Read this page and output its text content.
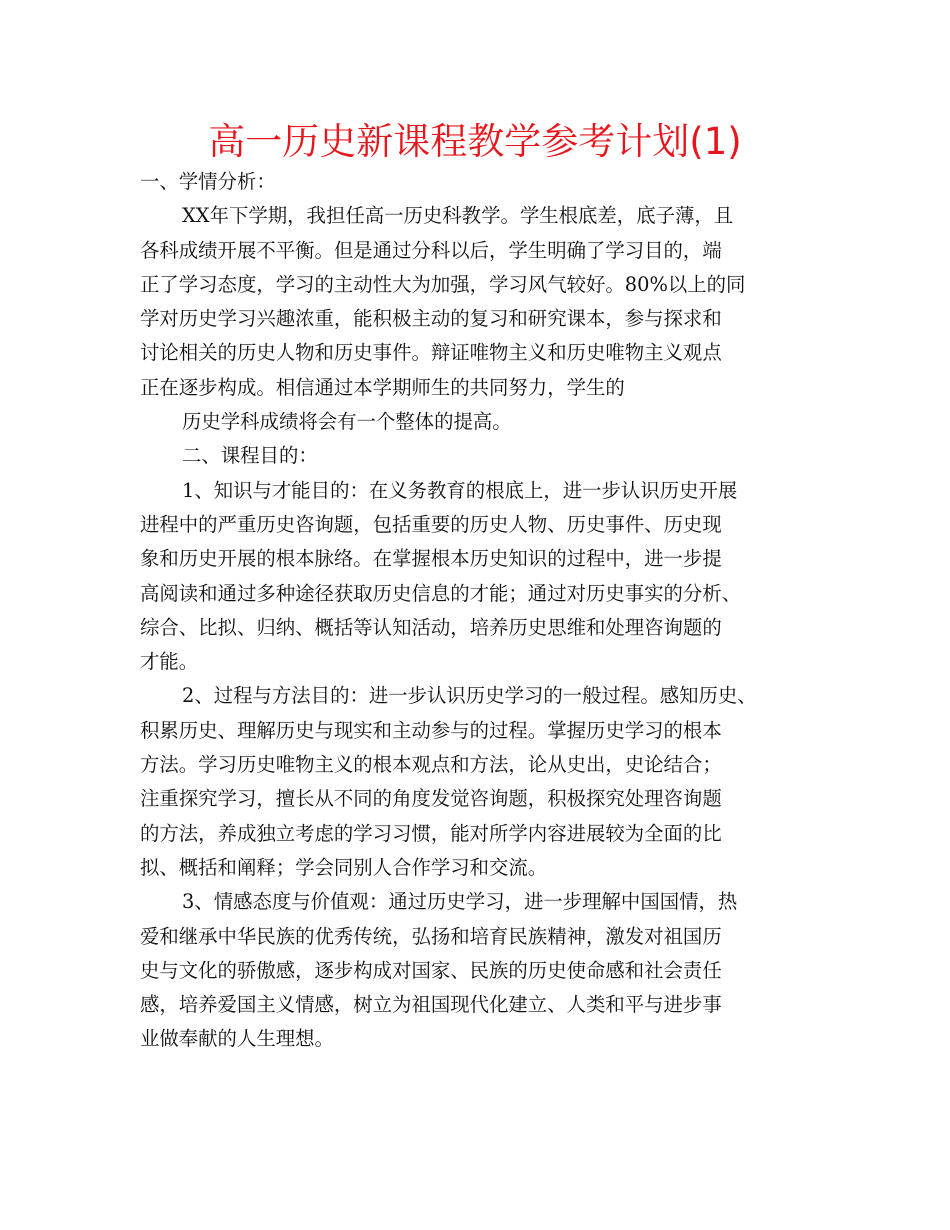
高一历史新课程教学参考计划(1)
一、学情分析：
XX年下学期，我担任高一历史科教学。学生根底差，底子薄，且
各科成绩开展不平衡。但是通过分科以后，学生明确了学习目的，端
正了学习态度，学习的主动性大为加强，学习风气较好。80%以上的同
学对历史学习兴趣浓重，能积极主动的复习和研究课本，参与探求和
讨论相关的历史人物和历史事件。辩证唯物主义和历史唯物主义观点
正在逐步构成。相信通过本学期师生的共同努力，学生的
历史学科成绩将会有一个整体的提高。
二、课程目的：
1、知识与才能目的：在义务教育的根底上，进一步认识历史开展
进程中的严重历史咨询题，包括重要的历史人物、历史事件、历史现
象和历史开展的根本脉络。在掌握根本历史知识的过程中，进一步提
高阅读和通过多种途径获取历史信息的才能；通过对历史事实的分析、
综合、比拟、归纳、概括等认知活动，培养历史思维和处理咨询题的
才能。
2、过程与方法目的：进一步认识历史学习的一般过程。感知历史、
积累历史、理解历史与现实和主动参与的过程。掌握历史学习的根本
方法。学习历史唯物主义的根本观点和方法，论从史出，史论结合；
注重探究学习，擅长从不同的角度发觉咨询题，积极探究处理咨询题
的方法，养成独立考虑的学习习惯，能对所学内容进展较为全面的比
拟、概括和阐释；学会同别人合作学习和交流。
3、情感态度与价值观：通过历史学习，进一步理解中国国情，热
爱和继承中华民族的优秀传统，弘扬和培育民族精神，激发对祖国历
史与文化的骄傲感，逐步构成对国家、民族的历史使命感和社会责任
感，培养爱国主义情感，树立为祖国现代化建立、人类和平与进步事
业做奉献的人生理想。
